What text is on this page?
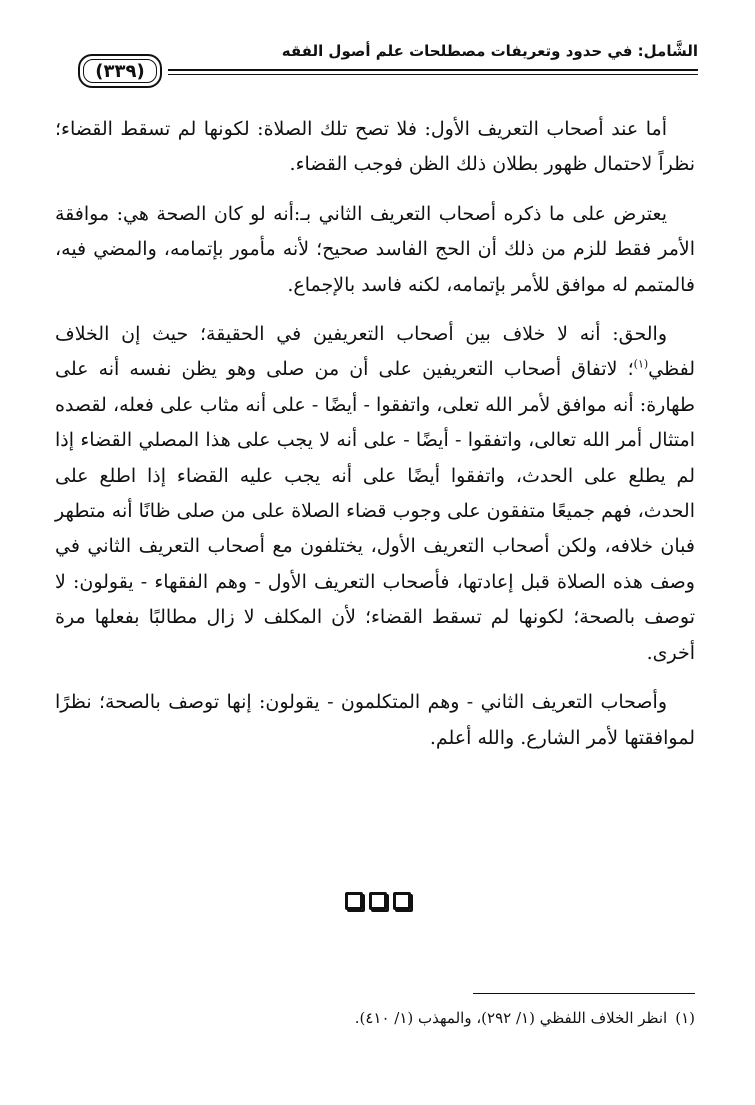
الشَّامل: في حدود وتعريفات مصطلحات علم أصول الفقه
(٣٣٩)

أما عند أصحاب التعريف الأول: فلا تصح تلك الصلاة: لكونها لم تسقط القضاء؛ نظراً لاحتمال ظهور بطلان ذلك الظن فوجب القضاء.

يعترض على ما ذكره أصحاب التعريف الثاني بـ:أنه لو كان الصحة هي: موافقة الأمر فقط للزم من ذلك أن الحج الفاسد صحيح؛ لأنه مأمور بإتمامه، والمضي فيه، فالمتمم له موافق للأمر بإتمامه، لكنه فاسد بالإجماع.

والحق: أنه لا خلاف بين أصحاب التعريفين في الحقيقة؛ حيث إن الخلاف لفظي$^{(١)}$؛ لاتفاق أصحاب التعريفين على أن من صلى وهو يظن نفسه أنه على طهارة: أنه موافق لأمر الله تعلى، واتفقوا - أيضًا - على أنه مثاب على فعله، لقصده امتثال أمر الله تعالى، واتفقوا - أيضًا - على أنه لا يجب على هذا المصلي القضاء إذا لم يطلع على الحدث، واتفقوا أيضًا على أنه يجب عليه القضاء إذا اطلع على الحدث، فهم جميعًا متفقون على وجوب قضاء الصلاة على من صلى ظانًا أنه متطهر فبان خلافه، ولكن أصحاب التعريف الأول، يختلفون مع أصحاب التعريف الثاني في وصف هذه الصلاة قبل إعادتها، فأصحاب التعريف الأول - وهم الفقهاء - يقولون: لا توصف بالصحة؛ لكونها لم تسقط القضاء؛ لأن المكلف لا زال مطالبًا بفعلها مرة أخرى.

وأصحاب التعريف الثاني - وهم المتكلمون - يقولون: إنها توصف بالصحة؛ نظرًا لموافقتها لأمر الشارع. والله أعلم.

(١)انظر الخلاف اللفظي (١/ ٢٩٢)، والمهذب (١/ ٤١٠).
